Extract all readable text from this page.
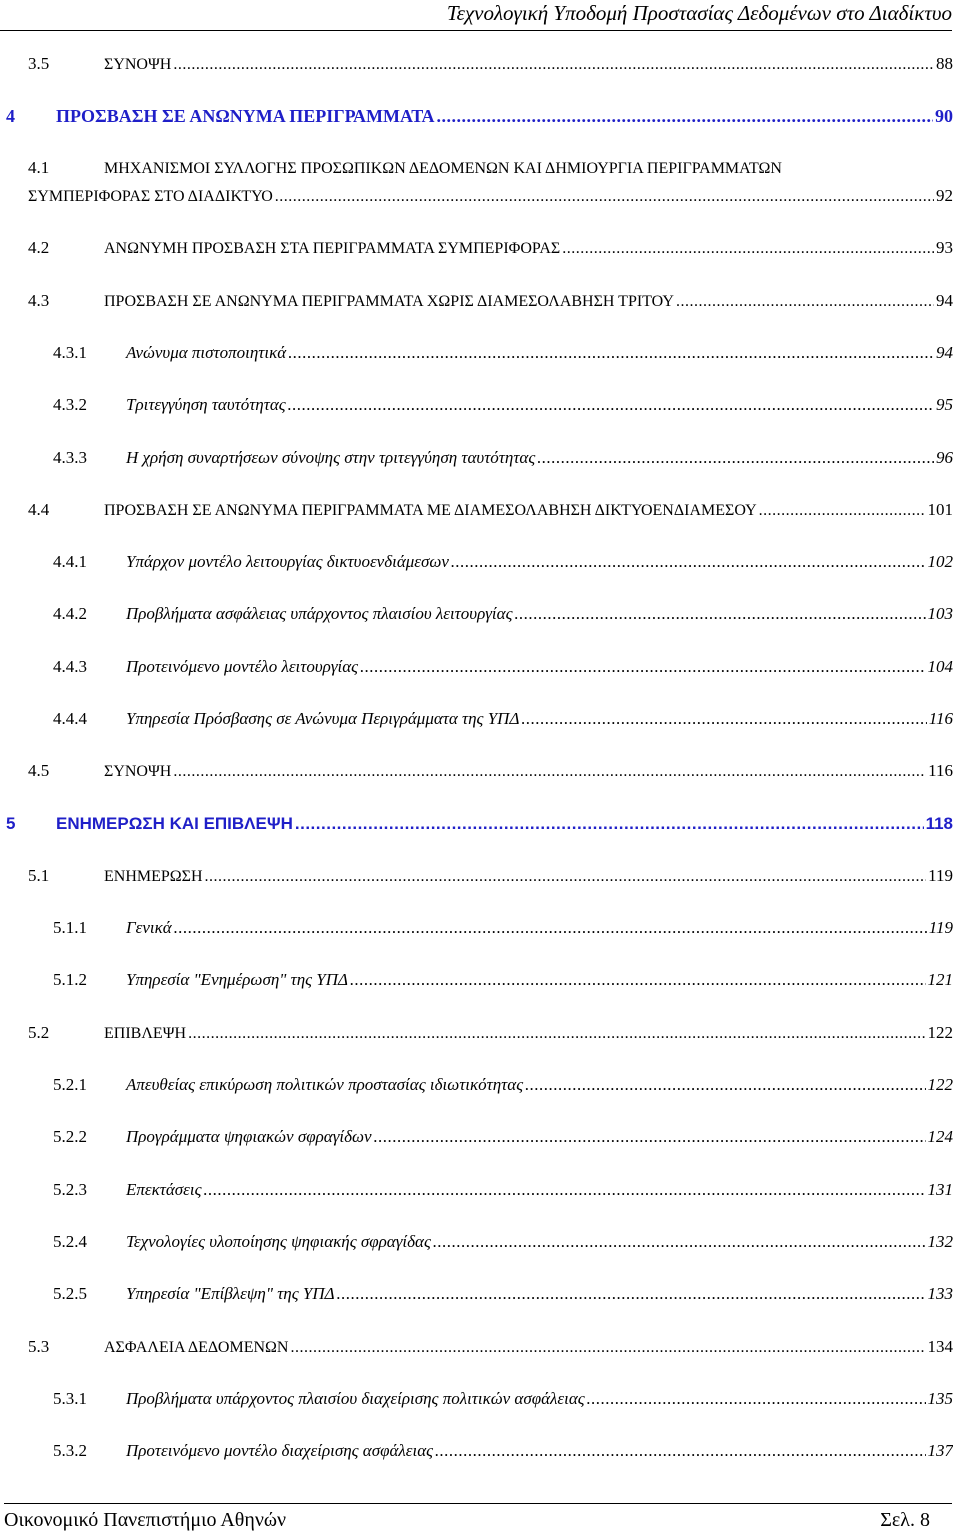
Τεχνολογική Υποδομή Προστασίας Δεδομένων στο Διαδίκτυο
3.5	ΣΥΝΟΨΗ .....	88
4	ΠΡΟΣΒΑΣΗ ΣΕ ΑΝΩΝΥΜΑ ΠΕΡΙΓΡΑΜΜΑΤΑ .....	90
4.1	ΜΗΧΑΝΙΣΜΟΙ ΣΥΛΛΟΓΗΣ ΠΡΟΣΩΠΙΚΩΝ ΔΕΔΟΜΕΝΩΝ ΚΑΙ ΔΗΜΙΟΥΡΓΙΑ ΠΕΡΙΓΡΑΜΜΑΤΩΝ
ΣΥΜΠΕΡΙΦΟΡΑΣ ΣΤΟ ΔΙΑΔΙΚΤΥΟ .....	92
4.2	ΑΝΩΝΥΜΗ ΠΡΟΣΒΑΣΗ ΣΤΑ ΠΕΡΙΓΡΑΜΜΑΤΑ ΣΥΜΠΕΡΙΦΟΡΑΣ .....	93
4.3	ΠΡΟΣΒΑΣΗ ΣΕ ΑΝΩΝΥΜΑ ΠΕΡΙΓΡΑΜΜΑΤΑ ΧΩΡΙΣ ΔΙΑΜΕΣΟΛΑΒΗΣΗ ΤΡΙΤΟΥ .....	94
4.3.1	Ανώνυμα πιστοποιητικά .....	94
4.3.2	Τριτεγγύηση ταυτότητας .....	95
4.3.3	Η χρήση συναρτήσεων σύνοψης στην τριτεγγύηση ταυτότητας .....	96
4.4	ΠΡΟΣΒΑΣΗ ΣΕ ΑΝΩΝΥΜΑ ΠΕΡΙΓΡΑΜΜΑΤΑ ΜΕ ΔΙΑΜΕΣΟΛΑΒΗΣΗ ΔΙΚΤΥΟΕΝΔΙΑΜΕΣΟΥ .....	101
4.4.1	Υπάρχον μοντέλο λειτουργίας δικτυοενδιάμεσων .....	102
4.4.2	Προβλήματα ασφάλειας υπάρχοντος πλαισίου λειτουργίας .....	103
4.4.3	Προτεινόμενο μοντέλο λειτουργίας .....	104
4.4.4	Υπηρεσία Πρόσβασης σε Ανώνυμα Περιγράμματα της ΥΠΔ .....	116
4.5	ΣΥΝΟΨΗ .....	116
5	ΕΝΗΜΕΡΩΣΗ ΚΑΙ ΕΠΙΒΛΕΨΗ .....	118
5.1	ΕΝΗΜΕΡΩΣΗ .....	119
5.1.1	Γενικά .....	119
5.1.2	Υπηρεσία "Ενημέρωση" της ΥΠΔ .....	121
5.2	ΕΠΙΒΛΕΨΗ .....	122
5.2.1	Απευθείας επικύρωση πολιτικών προστασίας ιδιωτικότητας .....	122
5.2.2	Προγράμματα ψηφιακών σφραγίδων .....	124
5.2.3	Επεκτάσεις .....	131
5.2.4	Τεχνολογίες υλοποίησης ψηφιακής σφραγίδας .....	132
5.2.5	Υπηρεσία "Επίβλεψη" της ΥΠΔ .....	133
5.3	ΑΣΦΑΛΕΙΑ ΔΕΔΟΜΕΝΩΝ .....	134
5.3.1	Προβλήματα υπάρχοντος πλαισίου διαχείρισης πολιτικών ασφάλειας .....	135
5.3.2	Προτεινόμενο μοντέλο διαχείρισης ασφάλειας .....	137
Οικονομικό Πανεπιστήμιο Αθηνών	Σελ. 8
